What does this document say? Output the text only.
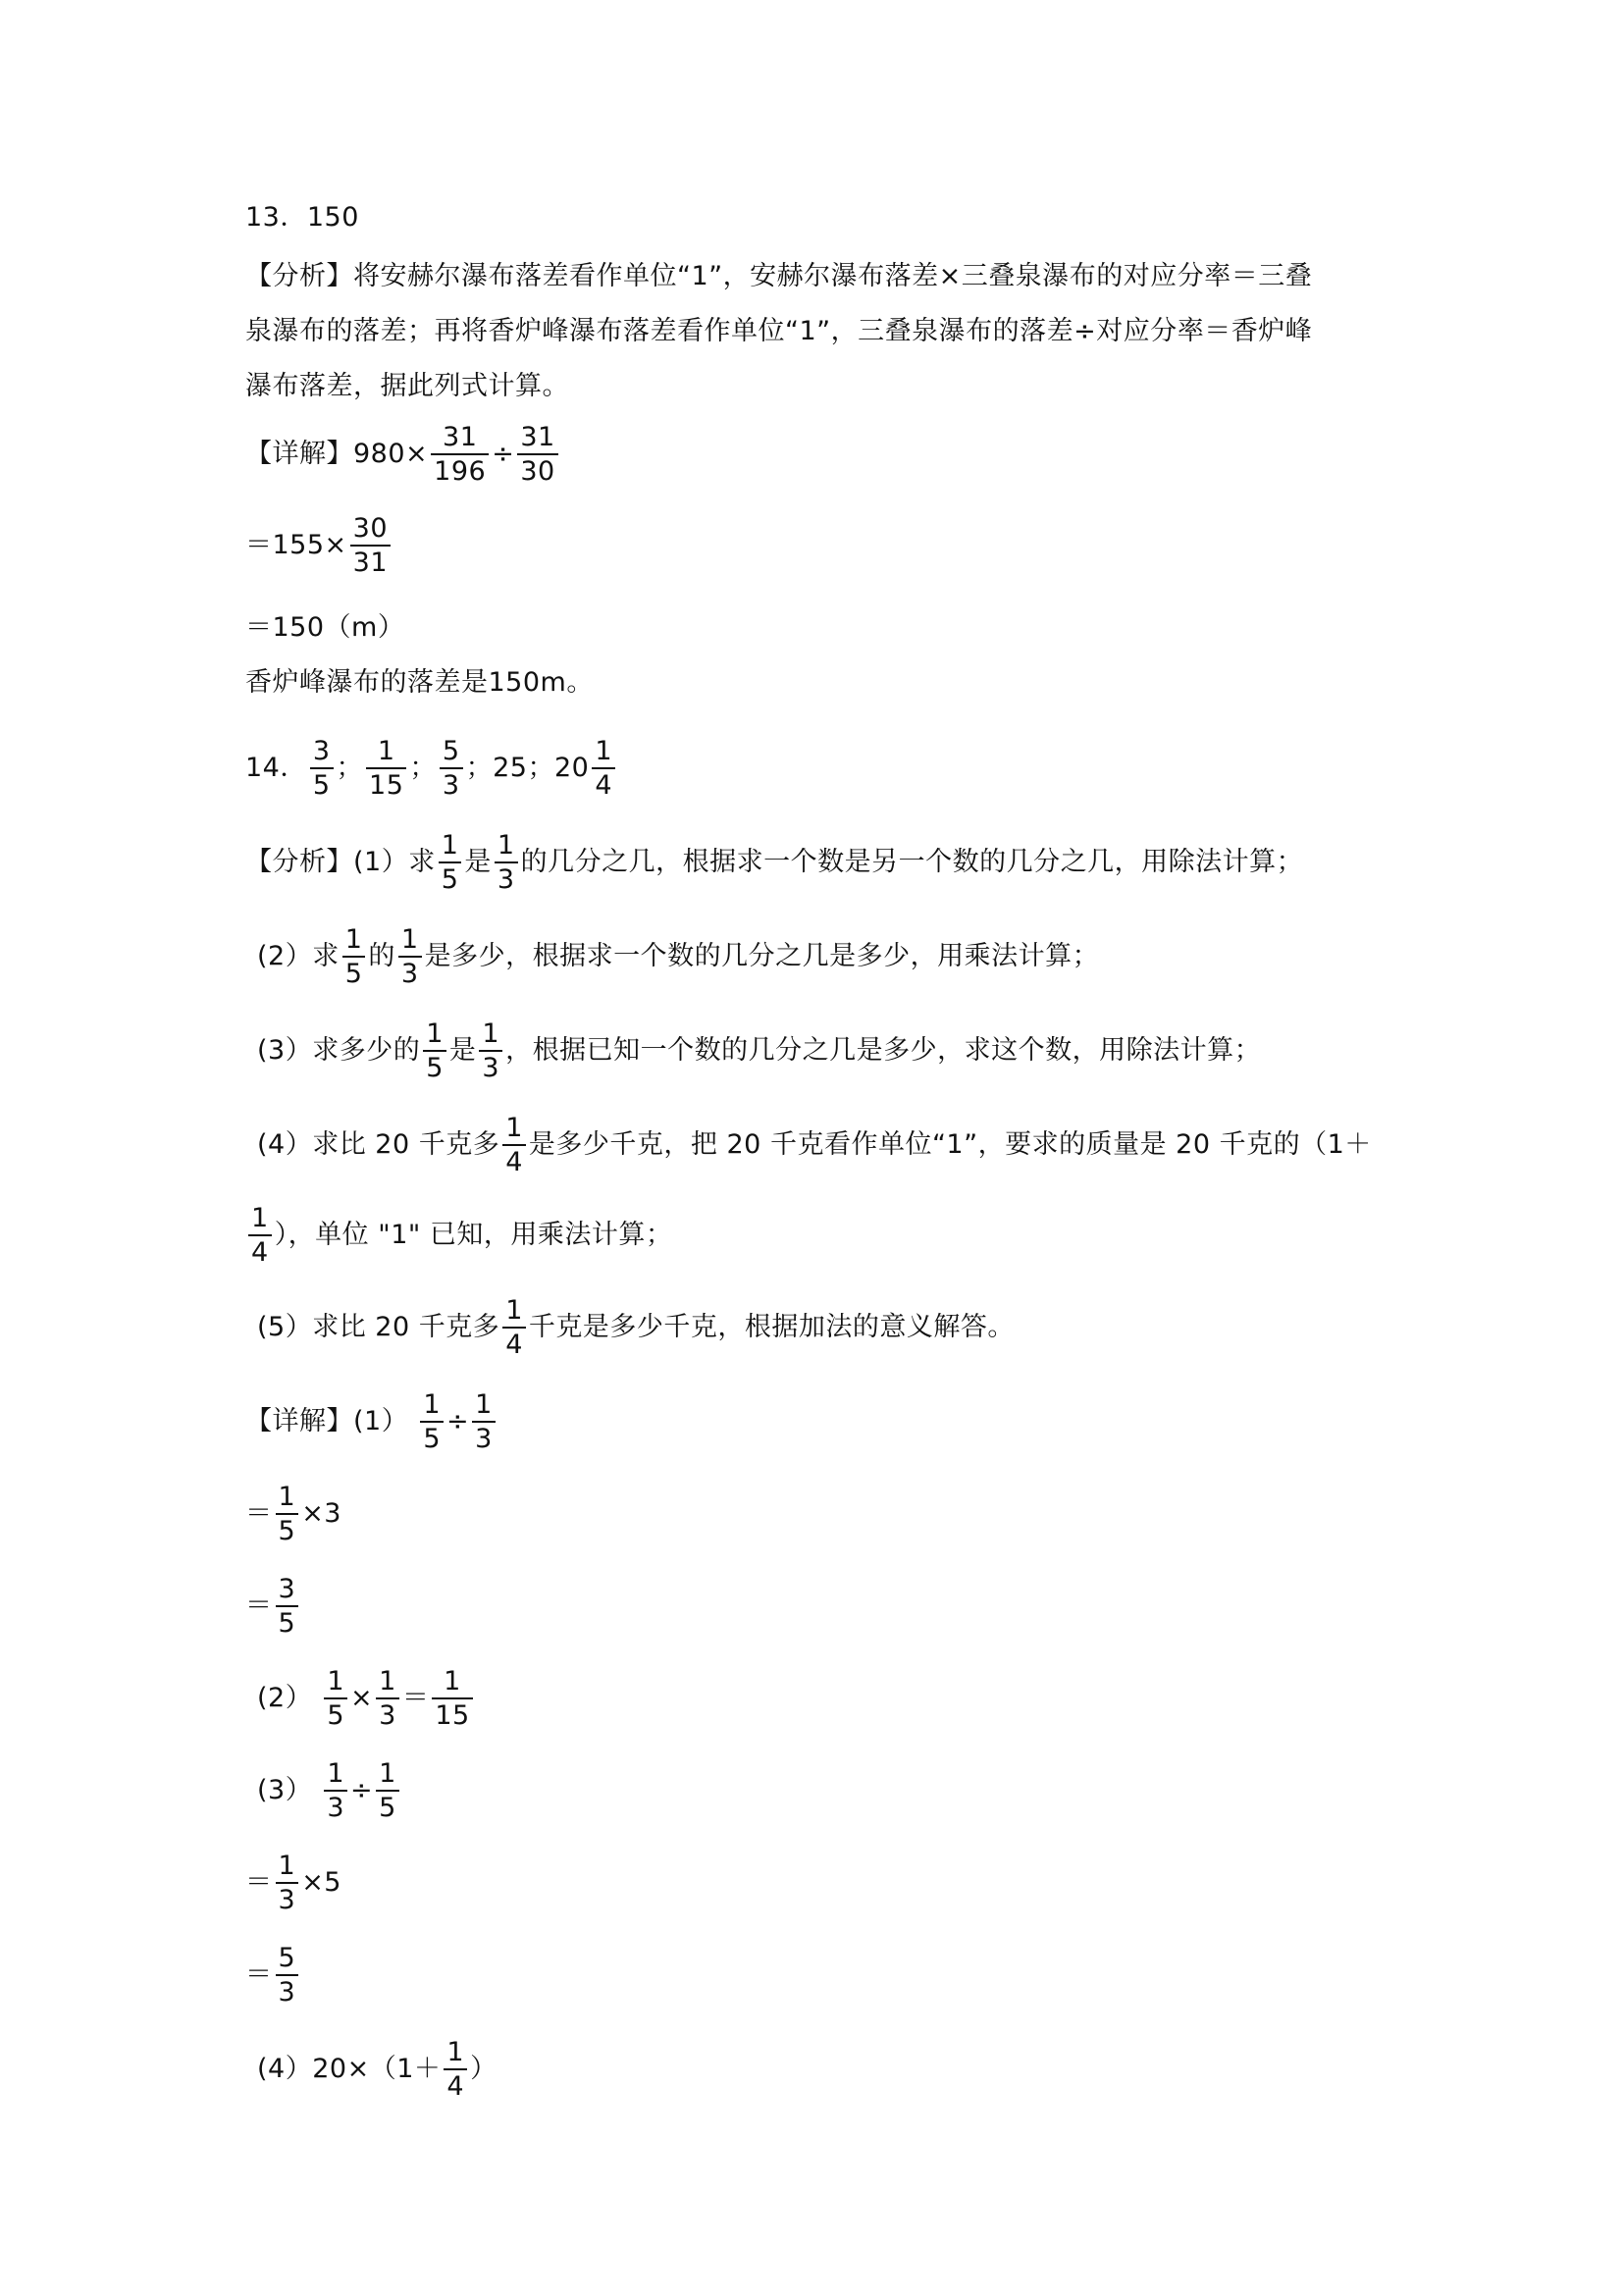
13．150
【分析】将安赫尔瀑布落差看作单位“1”，安赫尔瀑布落差×三叠泉瀑布的对应分率＝三叠
泉瀑布的落差；再将香炉峰瀑布落差看作单位“1”，三叠泉瀑布的落差÷对应分率＝香炉峰
瀑布落差，据此列式计算。
【详解】$980\times \frac{31}{196} \div \frac{31}{30}$
$=155\times \frac{30}{31}$
＝150（m）
香炉峰瀑布的落差是150m。
14． $\frac{3}{5}$ ； $\frac{1}{15}$ ； $\frac{5}{3}$ ；25；$20 \frac{1}{4}$
【分析】(1）求 $\frac{1}{5}$ 是 $\frac{1}{3}$ 的几分之几，根据求一个数是另一个数的几分之几，用除法计算；
(2）求 $\frac{1}{5}$ 的 $\frac{1}{3}$ 是多少，根据求一个数的几分之几是多少，用乘法计算；
(3）求多少的 $\frac{1}{5}$ 是 $\frac{1}{3}$ ，根据已知一个数的几分之几是多少，求这个数，用除法计算；
(4）求比 20 千克多 $\frac{1}{4}$ 是多少千克，把 20 千克看作单位“1”，要求的质量是 20 千克的（1＋
$\frac{1}{4}$ ），单位 "1" 已知，用乘法计算；
(5）求比 20 千克多 $\frac{1}{4}$ 千克是多少千克，根据加法的意义解答。
【详解】$(1) \frac{1}{5} \div \frac{1}{3}$
＝ $\frac{1}{5} \times 3$
＝ $\frac{3}{5}$
$(2) \frac{1}{5} \times \frac{1}{3} = \frac{1}{15}$
$(3) \frac{1}{3} \div \frac{1}{5}$
＝ $\frac{1}{3} \times 5$
＝ $\frac{5}{3}$
$(4)20\times(1+ \frac{1}{4}$ ）
